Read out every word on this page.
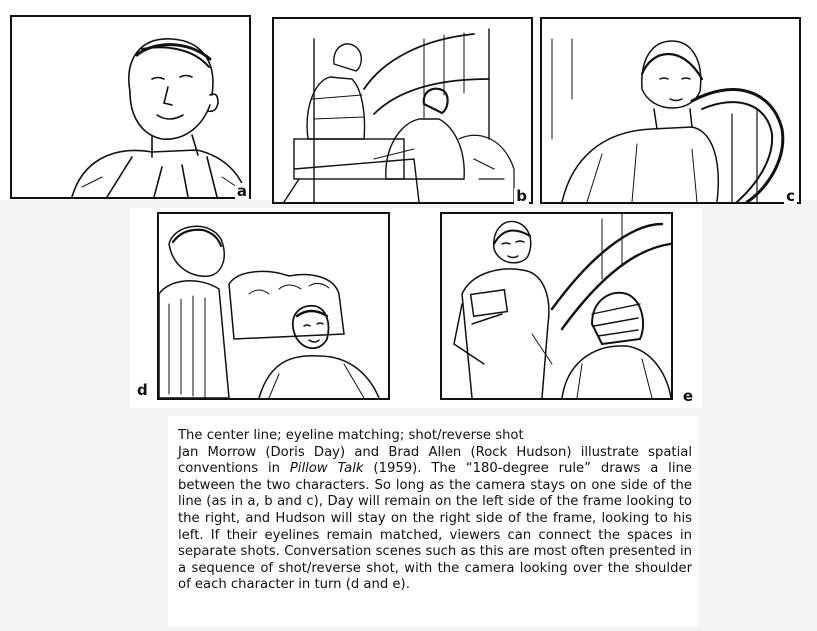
a	b	c
d	e
The center line; eyeline matching; shot/reverse shot
Jan Morrow (Doris Day) and Brad Allen (Rock Hudson) illustrate spatial conventions in Pillow Talk (1959). The “180-degree rule” draws a line between the two characters. So long as the camera stays on one side of the line (as in a, b and c), Day will remain on the left side of the frame looking to the right, and Hudson will stay on the right side of the frame, looking to his left. If their eyelines remain matched, viewers can connect the spaces in separate shots. Conversation scenes such as this are most often presented in a sequence of shot/reverse shot, with the camera looking over the shoulder of each character in turn (d and e).
